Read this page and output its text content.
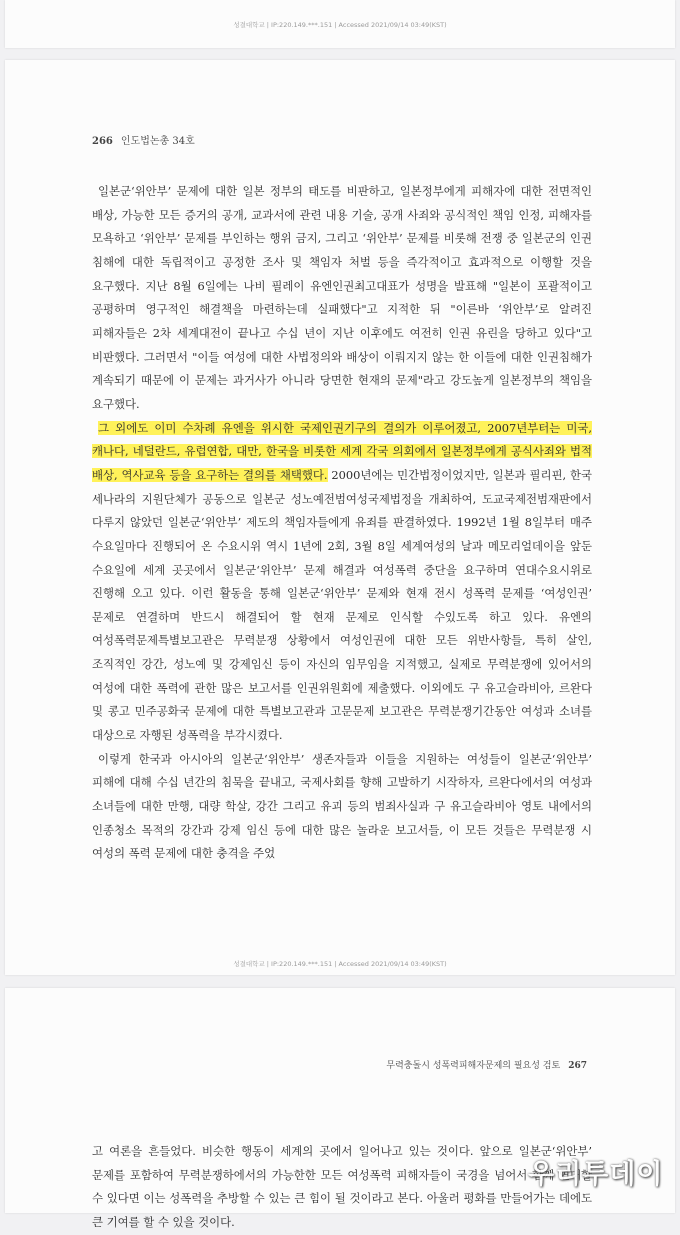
성결대학교 | IP:220.149.***.151 | Accessed 2021/09/14 03:49(KST)
266 인도법논총 34호

일본군‘위안부’ 문제에 대한 일본 정부의 태도를 비판하고, 일본정부에게 피해자에 대한 전면적인 배상, 가능한 모든 증거의 공개, 교과서에 관련 내용 기술, 공개 사죄와 공식적인 책임 인정, 피해자를 모욕하고 ‘위안부’ 문제를 부인하는 행위 금지, 그리고 ‘위안부’ 문제를 비롯해 전쟁 중 일본군의 인권 침해에 대한 독립적이고 공정한 조사 및 책임자 처벌 등을 즉각적이고 효과적으로 이행할 것을 요구했다. 지난 8월 6일에는 나비 필레이 유엔인권최고대표가 성명을 발표해 "일본이 포괄적이고 공평하며 영구적인 해결책을 마련하는데 실패했다"고 지적한 뒤 "이른바 ‘위안부’로 알려진 피해자들은 2차 세계대전이 끝나고 수십 년이 지난 이후에도 여전히 인권 유린을 당하고 있다"고 비판했다. 그러면서 "이들 여성에 대한 사법정의와 배상이 이뤄지지 않는 한 이들에 대한 인권침해가 계속되기 때문에 이 문제는 과거사가 아니라 당면한 현재의 문제"라고 강도높게 일본정부의 책임을 요구했다.

그 외에도 이미 수차례 유엔을 위시한 국제인권기구의 결의가 이루어졌고, 2007년부터는 미국, 캐나다, 네덜란드, 유럽연합, 대만, 한국을 비롯한 세계 각국 의회에서 일본정부에게 공식사죄와 법적 배상, 역사교육 등을 요구하는 결의를 채택했다. 2000년에는 민간법정이었지만, 일본과 필리핀, 한국 세나라의 지원단체가 공동으로 일본군 성노예전범여성국제법정을 개최하여, 도교국제전범재판에서 다루지 않았던 일본군‘위안부’ 제도의 책임자들에게 유죄를 판결하였다. 1992년 1월 8일부터 매주 수요일마다 진행되어 온 수요시위 역시 1년에 2회, 3월 8일 세계여성의 날과 메모리얼데이을 앞둔 수요일에 세계 곳곳에서 일본군‘위안부’ 문제 해결과 여성폭력 중단을 요구하며 연대수요시위로 진행해 오고 있다. 이런 활동을 통해 일본군‘위안부’ 문제와 현재 전시 성폭력 문제를 ‘여성인권’ 문제로 연결하며 반드시 해결되어 할 현재 문제로 인식할 수있도록 하고 있다. 유엔의 여성폭력문제특별보고관은 무력분쟁 상황에서 여성인권에 대한 모든 위반사항들, 특히 살인, 조직적인 강간, 성노예 및 강제임신 등이 자신의 임무임을 지적했고, 실제로 무력분쟁에 있어서의 여성에 대한 폭력에 관한 많은 보고서를 인권위원회에 제출했다. 이외에도 구 유고슬라비아, 르완다 및 콩고 민주공화국 문제에 대한 특별보고관과 고문문제 보고관은 무력분쟁기간동안 여성과 소녀를 대상으로 자행된 성폭력을 부각시켰다.

이렇게 한국과 아시아의 일본군‘위안부’ 생존자들과 이들을 지원하는 여성들이 일본군‘위안부’ 피해에 대해 수십 년간의 침묵을 끝내고, 국제사회를 향해 고발하기 시작하자, 르완다에서의 여성과 소녀들에 대한 만행, 대량 학살, 강간 그리고 유괴 등의 범죄사실과 구 유고슬라비아 영토 내에서의 인종청소 목적의 강간과 강제 임신 등에 대한 많은 놀라운 보고서들, 이 모든 것들은 무력분쟁 시 여성의 폭력 문제에 대한 충격을 주었

성결대학교 | IP:220.149.***.151 | Accessed 2021/09/14 03:49(KST)
무력충돌시 성폭력피해자문제의 필요성 검토 267

고 여론을 흔들었다. 비슷한 행동이 세계의 곳에서 일어나고 있는 것이다. 앞으로 일본군‘위안부’ 문제를 포함하여 무력분쟁하에서의 가능한한 모든 여성폭력 피해자들이 국경을 넘어서 함께 연대할 수 있다면 이는 성폭력을 추방할 수 있는 큰 힘이 될 것이라고 본다. 아울러 평화를 만들어가는 데에도 큰 기여를 할 수 있을 것이다.

우리투데이
